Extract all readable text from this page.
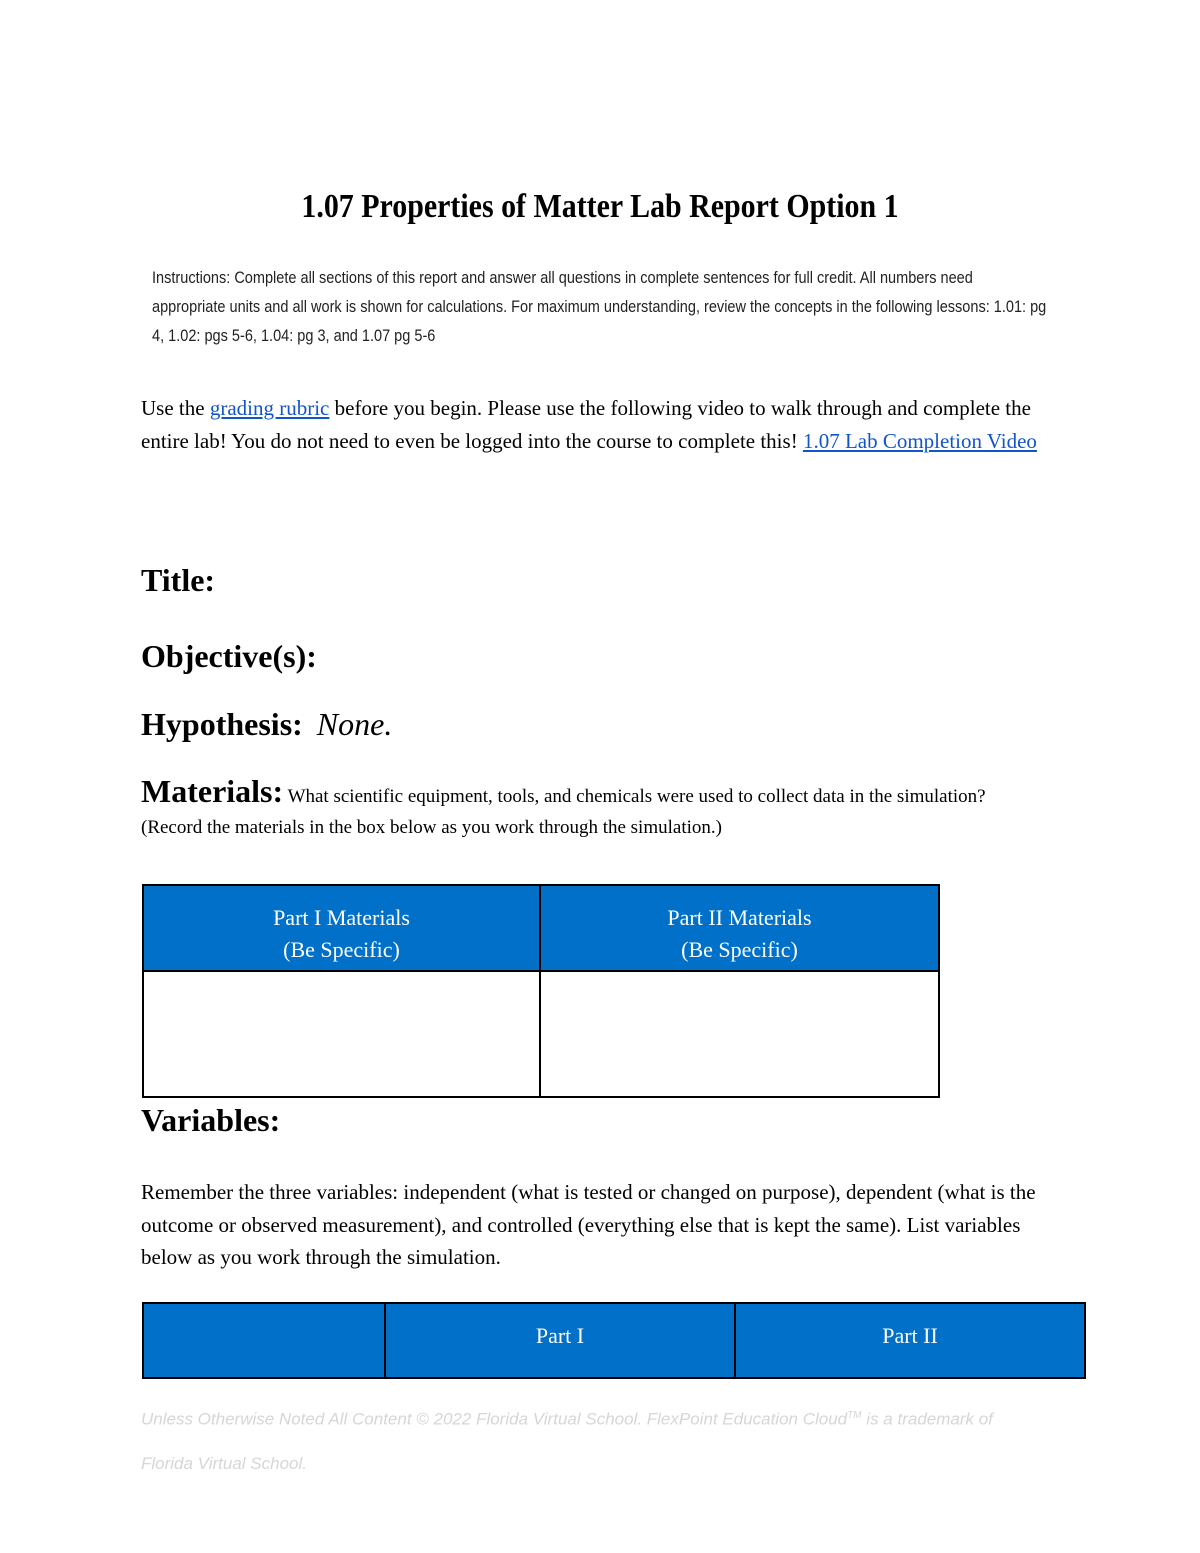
1.07 Properties of Matter Lab Report Option 1
Instructions: Complete all sections of this report and answer all questions in complete sentences for full credit. All numbers need appropriate units and all work is shown for calculations. For maximum understanding, review the concepts in the following lessons: 1.01: pg 4, 1.02: pgs 5-6, 1.04: pg 3, and 1.07 pg 5-6
Use the grading rubric before you begin. Please use the following video to walk through and complete the entire lab! You do not need to even be logged into the course to complete this! 1.07 Lab Completion Video
Title:
Objective(s):
Hypothesis: None.
Materials: What scientific equipment, tools, and chemicals were used to collect data in the simulation? (Record the materials in the box below as you work through the simulation.)
Part I Materials
(Be Specific)
Part II Materials
(Be Specific)
Variables:
Remember the three variables: independent (what is tested or changed on purpose), dependent (what is the outcome or observed measurement), and controlled (everything else that is kept the same). List variables below as you work through the simulation.
Part I	Part II
Unless Otherwise Noted All Content © 2022 Florida Virtual School. FlexPoint Education Cloud™ is a trademark of Florida Virtual School.
